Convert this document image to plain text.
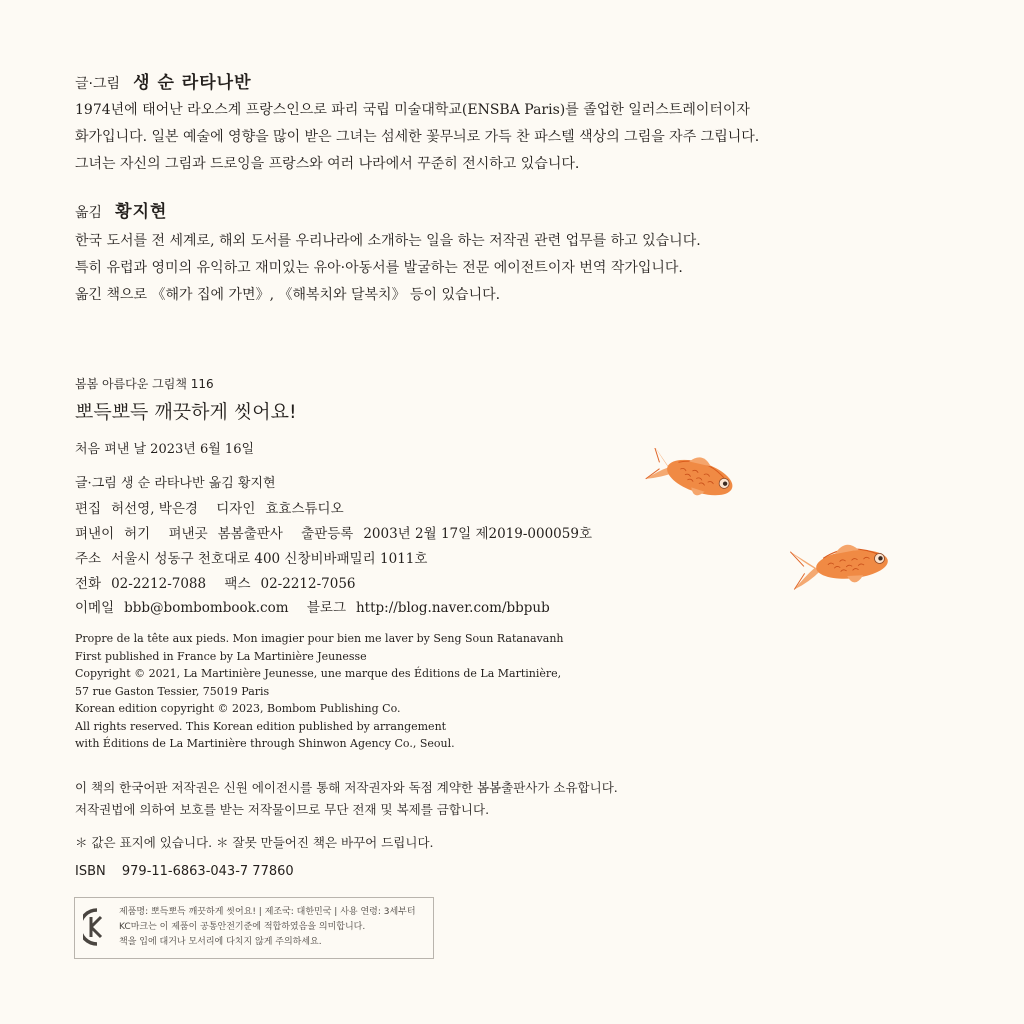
글·그림 생 순 라타나반
1974년에 태어난 라오스계 프랑스인으로 파리 국립 미술대학교(ENSBA Paris)를 졸업한 일러스트레이터이자
화가입니다. 일본 예술에 영향을 많이 받은 그녀는 섬세한 꽃무늬로 가득 찬 파스텔 색상의 그림을 자주 그립니다.
그녀는 자신의 그림과 드로잉을 프랑스와 여러 나라에서 꾸준히 전시하고 있습니다.
옮김 황지현
한국 도서를 전 세계로, 해외 도서를 우리나라에 소개하는 일을 하는 저작권 관련 업무를 하고 있습니다.
특히 유럽과 영미의 유익하고 재미있는 유아·아동서를 발굴하는 전문 에이전트이자 번역 작가입니다.
옮긴 책으로 《해가 집에 가면》, 《해복치와 달복치》 등이 있습니다.
봄봄 아름다운 그림책 116
뽀득뽀득 깨끗하게 씻어요!
처음 펴낸 날 2023년 6월 16일
글·그림 생 순 라타나반 옮김 황지현
편집 허선영, 박은경 디자인 효효스튜디오
펴낸이 허기 펴낸곳 봄봄출판사 출판등록 2003년 2월 17일 제2019-000059호
주소 서울시 성동구 천호대로 400 신창비바패밀리 1011호
전화 02-2212-7088 팩스 02-2212-7056
이메일 bbb@bombombook.com 블로그 http://blog.naver.com/bbpub
Propre de la tête aux pieds. Mon imagier pour bien me laver by Seng Soun Ratanavanh
First published in France by La Martinière Jeunesse
Copyright © 2021, La Martinière Jeunesse, une marque des Éditions de La Martinière,
57 rue Gaston Tessier, 75019 Paris
Korean edition copyright © 2023, Bombom Publishing Co.
All rights reserved. This Korean edition published by arrangement
with Éditions de La Martinière through Shinwon Agency Co., Seoul.
이 책의 한국어판 저작권은 신원 에이전시를 통해 저작권자와 독점 계약한 봄봄출판사가 소유합니다.
저작권법에 의하여 보호를 받는 저작물이므로 무단 전재 및 복제를 금합니다.
＊ 값은 표지에 있습니다. ＊ 잘못 만들어진 책은 바꾸어 드립니다.
ISBN 979-11-6863-043-7 77860
KC
제품명: 뽀득뽀득 깨끗하게 씻어요! | 제조국: 대한민국 | 사용 연령: 3세부터
KC마크는 이 제품이 공통안전기준에 적합하였음을 의미합니다.
책을 입에 대거나 모서리에 다치지 않게 주의하세요.
